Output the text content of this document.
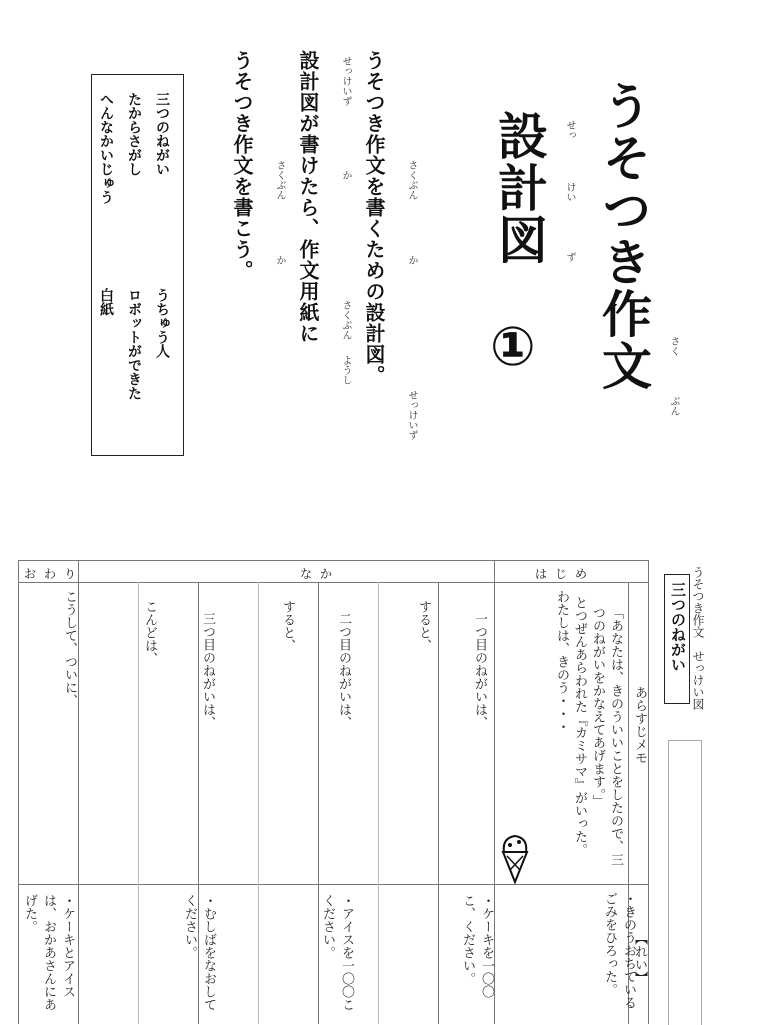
うそつき作文 さく
ぶん
設計図 せっ
けい
ず
①
うそつき作文を書くための設計図。 さくぶん
か
せっけいず
設計図が書けたら、作文用紙に せっけいず
か
さくぶん
ようし
うそつき作文を書こう。 さくぶん
か
三つのねがい
うちゅう人
たからさがし
ロボットができた
へんなかいじゅう
白紙
おわり	なか	はじめ
あらすじメモ
「あなたは、きのういいことをしたので、三
つのねがいをかなえてあげます。」
とつぜんあらわれた『カミサマ』がいった。
わたしは、きのう・・・
【れい】
・きのうおちている　ごみをひろった。
一つ目のねがいは、
すると、
・ケーキを一〇〇こ、ください。
二つ目のねがいは、
すると、
・アイスを一〇〇こください。
三つ目のねがいは、
こんどは、
・むしばをなおしてください。
こうして、ついに、
・ケーキとアイスは、おかあさんにあげた。
うそつき作文　せっけい図
三つのねがい
